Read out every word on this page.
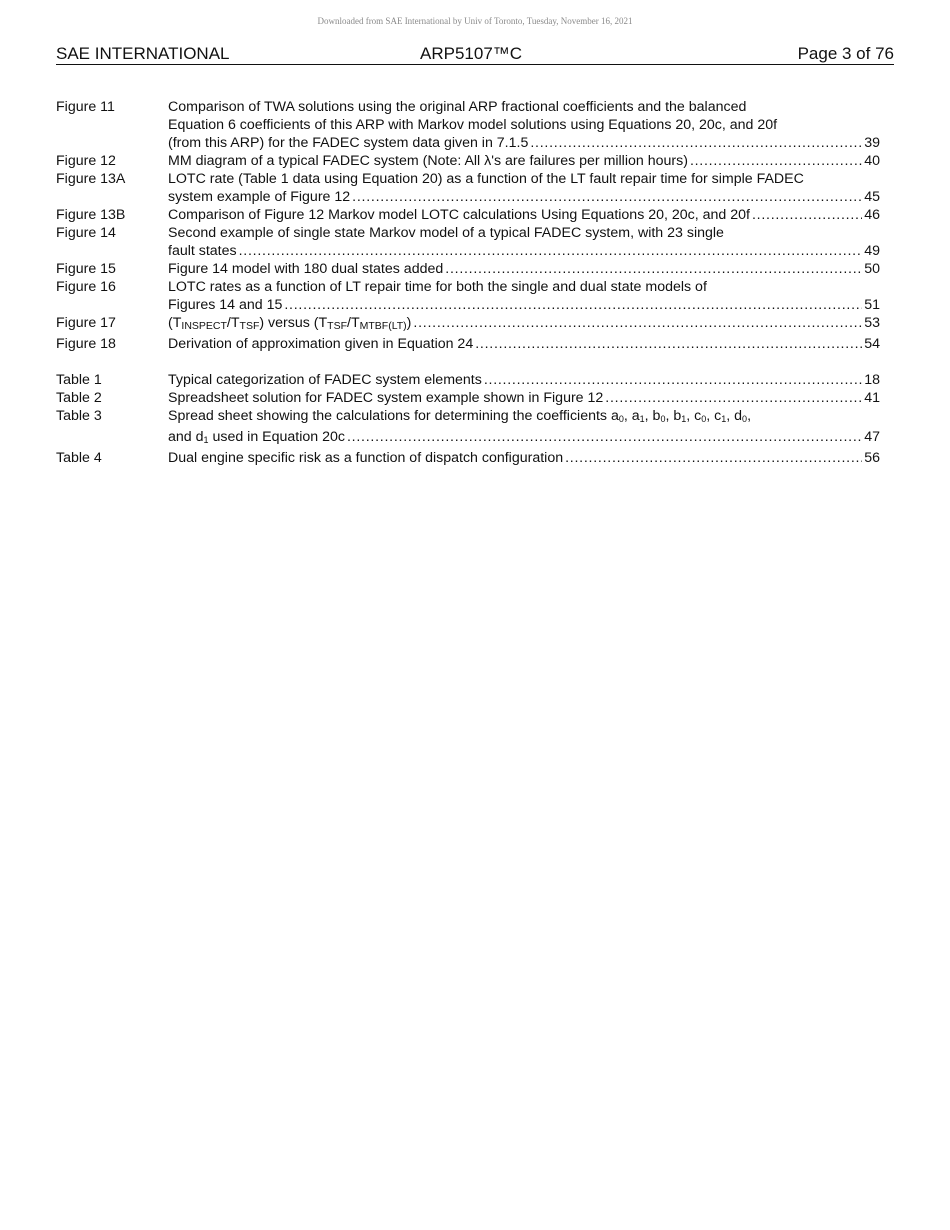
Downloaded from SAE International by Univ of Toronto, Tuesday, November 16, 2021
SAE INTERNATIONAL	ARP5107™C	Page 3 of 76
Figure 11	Comparison of TWA solutions using the original ARP fractional coefficients and the balanced
Equation 6 coefficients of this ARP with Markov model solutions using Equations 20, 20c, and 20f
(from this ARP) for the FADEC system data given in 7.1.5 . . .	39
Figure 12	MM diagram of a typical FADEC system (Note: All λ's are failures per million hours) . . .	40
Figure 13A	LOTC rate (Table 1 data using Equation 20) as a function of the LT fault repair time for simple FADEC
system example of Figure 12 . . .	45
Figure 13B	Comparison of Figure 12 Markov model LOTC calculations Using Equations 20, 20c, and 20f . . .	46
Figure 14	Second example of single state Markov model of a typical FADEC system, with 23 single
fault states . . .	49
Figure 15	Figure 14 model with 180 dual states added . . .	50
Figure 16	LOTC rates as a function of LT repair time for both the single and dual state models of
Figures 14 and 15 . . .	51
Figure 17	$(T_{INSPECT}/T_{TSF})$ versus $(T_{TSF}/T_{MTBF(LT)})$ . . .	53
Figure 18	Derivation of approximation given in Equation 24 . . .	54
Table 1	Typical categorization of FADEC system elements . . .	18
Table 2	Spreadsheet solution for FADEC system example shown in Figure 12 . . .	41
Table 3	Spread sheet showing the calculations for determining the coefficients $a_0$, $a_1$, $b_0$, $b_1$, $c_0$, $c_1$, $d_0$,
and $d_1$ used in Equation 20c . . .	47
Table 4	Dual engine specific risk as a function of dispatch configuration . . .	56
